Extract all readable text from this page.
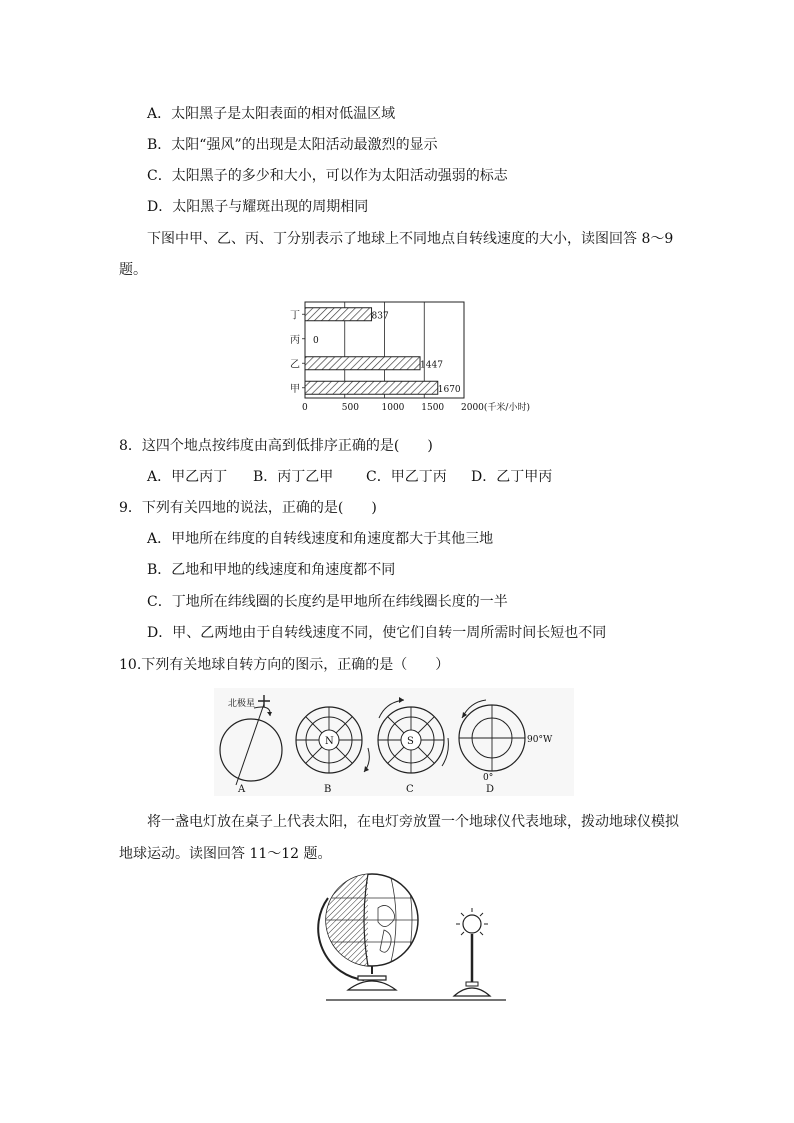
A．太阳黑子是太阳表面的相对低温区域
B．太阳“强风”的出现是太阳活动最激烈的显示
C．太阳黑子的多少和大小，可以作为太阳活动强弱的标志
D．太阳黑子与耀斑出现的周期相同
下图中甲、乙、丙、丁分别表示了地球上不同地点自转线速度的大小，读图回答 8～9
题。
丁
丙
乙
甲
837
0
1447
1670
0	500	1000 1500 2000(千米/小时)
8．这四个地点按纬度由高到低排序正确的是(　　)
A．甲乙丙丁 B．丙丁乙甲 C．甲乙丁丙 D．乙丁甲丙
9．下列有关四地的说法，正确的是(　　)
A．甲地所在纬度的自转线速度和角速度都大于其他三地
B．乙地和甲地的线速度和角速度都不同
C．丁地所在纬线圈的长度约是甲地所在纬线圈长度的一半
D．甲、乙两地由于自转线速度不同，使它们自转一周所需时间长短也不同
10.下列有关地球自转方向的图示，正确的是（　　）
北极星
N	S	90°W
0°
A	B	C	D
将一盏电灯放在桌子上代表太阳，在电灯旁放置一个地球仪代表地球，拨动地球仪模拟
地球运动。读图回答 11～12 题。
